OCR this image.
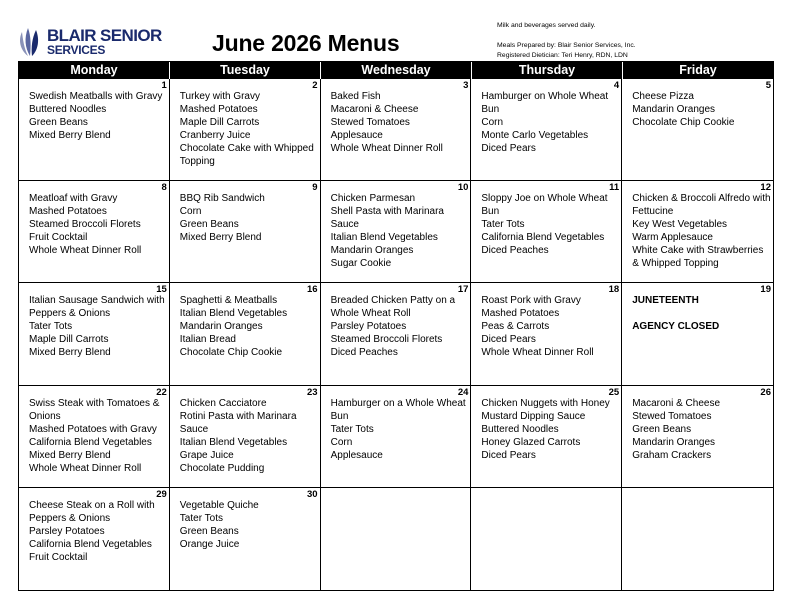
BLAIR SENIOR
SERVICES	June 2026 Menus
Milk and beverages served daily.
Meals Prepared by: Blair Senior Services, Inc.
Registered Dietician: Teri Henry, RDN, LDN
Monday	Tuesday	Wednesday	Thursday	Friday
1
Swedish Meatballs with Gravy
Buttered Noodles
Green Beans
Mixed Berry Blend
2
Turkey with Gravy
Mashed Potatoes
Maple Dill Carrots
Cranberry Juice
Chocolate Cake with Whipped Topping
3
Baked Fish
Macaroni & Cheese
Stewed Tomatoes
Applesauce
Whole Wheat Dinner Roll
4
Hamburger on Whole Wheat Bun
Corn
Monte Carlo Vegetables
Diced Pears
5
Cheese Pizza
Mandarin Oranges
Chocolate Chip Cookie
8
Meatloaf with Gravy
Mashed Potatoes
Steamed Broccoli Florets
Fruit Cocktail
Whole Wheat Dinner Roll
9
BBQ Rib Sandwich
Corn
Green Beans
Mixed Berry Blend
10
Chicken Parmesan
Shell Pasta with Marinara Sauce
Italian Blend Vegetables
Mandarin Oranges
Sugar Cookie
11
Sloppy Joe on Whole Wheat Bun
Tater Tots
California Blend Vegetables
Diced Peaches
12
Chicken & Broccoli Alfredo with Fettucine
Key West Vegetables
Warm Applesauce
White Cake with Strawberries & Whipped Topping
15
Italian Sausage Sandwich with Peppers & Onions
Tater Tots
Maple Dill Carrots
Mixed Berry Blend
16
Spaghetti & Meatballs
Italian Blend Vegetables
Mandarin Oranges
Italian Bread
Chocolate Chip Cookie
17
Breaded Chicken Patty on a Whole Wheat Roll
Parsley Potatoes
Steamed Broccoli Florets
Diced Peaches
18
Roast Pork with Gravy
Mashed Potatoes
Peas & Carrots
Diced Pears
Whole Wheat Dinner Roll
19
JUNETEENTH
AGENCY CLOSED
22
Swiss Steak with Tomatoes & Onions
Mashed Potatoes with Gravy
California Blend Vegetables
Mixed Berry Blend
Whole Wheat Dinner Roll
23
Chicken Cacciatore
Rotini Pasta with Marinara Sauce
Italian Blend Vegetables
Grape Juice
Chocolate Pudding
24
Hamburger on a Whole Wheat Bun
Tater Tots
Corn
Applesauce
25
Chicken Nuggets with Honey Mustard Dipping Sauce
Buttered Noodles
Honey Glazed Carrots
Diced Pears
26
Macaroni & Cheese
Stewed Tomatoes
Green Beans
Mandarin Oranges
Graham Crackers
29
Cheese Steak on a Roll with Peppers & Onions
Parsley Potatoes
California Blend Vegetables
Fruit Cocktail
30
Vegetable Quiche
Tater Tots
Green Beans
Orange Juice
